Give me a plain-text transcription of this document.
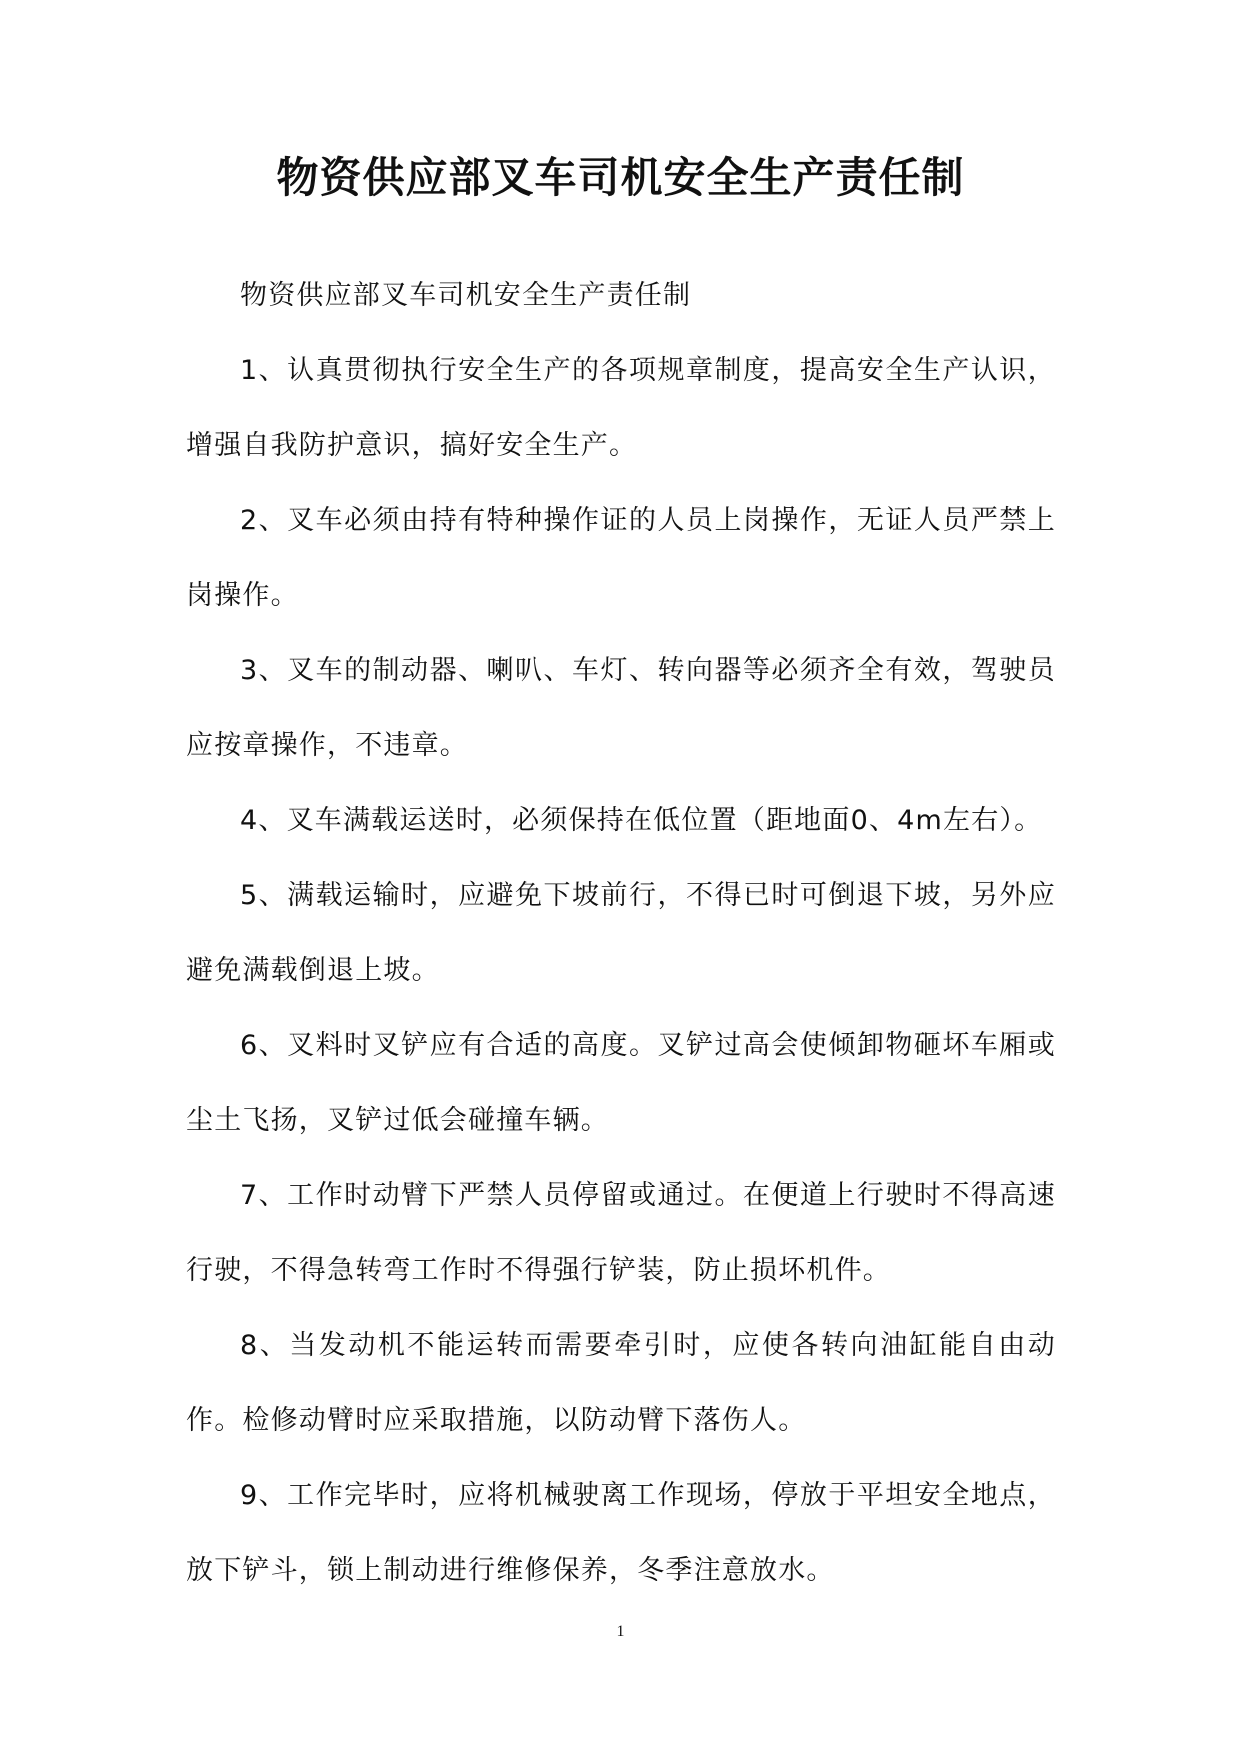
物资供应部叉车司机安全生产责任制

物资供应部叉车司机安全生产责任制

1、认真贯彻执行安全生产的各项规章制度，提高安全生产认识，增强自我防护意识，搞好安全生产。

2、叉车必须由持有特种操作证的人员上岗操作，无证人员严禁上岗操作。

3、叉车的制动器、喇叭、车灯、转向器等必须齐全有效，驾驶员应按章操作，不违章。

4、叉车满载运送时，必须保持在低位置（距地面0、4m左右）。

5、满载运输时，应避免下坡前行，不得已时可倒退下坡，另外应避免满载倒退上坡。

6、叉料时叉铲应有合适的高度。叉铲过高会使倾卸物砸坏车厢或尘土飞扬，叉铲过低会碰撞车辆。

7、工作时动臂下严禁人员停留或通过。在便道上行驶时不得高速行驶，不得急转弯工作时不得强行铲装，防止损坏机件。

8、当发动机不能运转而需要牵引时，应使各转向油缸能自由动作。检修动臂时应采取措施，以防动臂下落伤人。

9、工作完毕时，应将机械驶离工作现场，停放于平坦安全地点，放下铲斗，锁上制动进行维修保养，冬季注意放水。

1
